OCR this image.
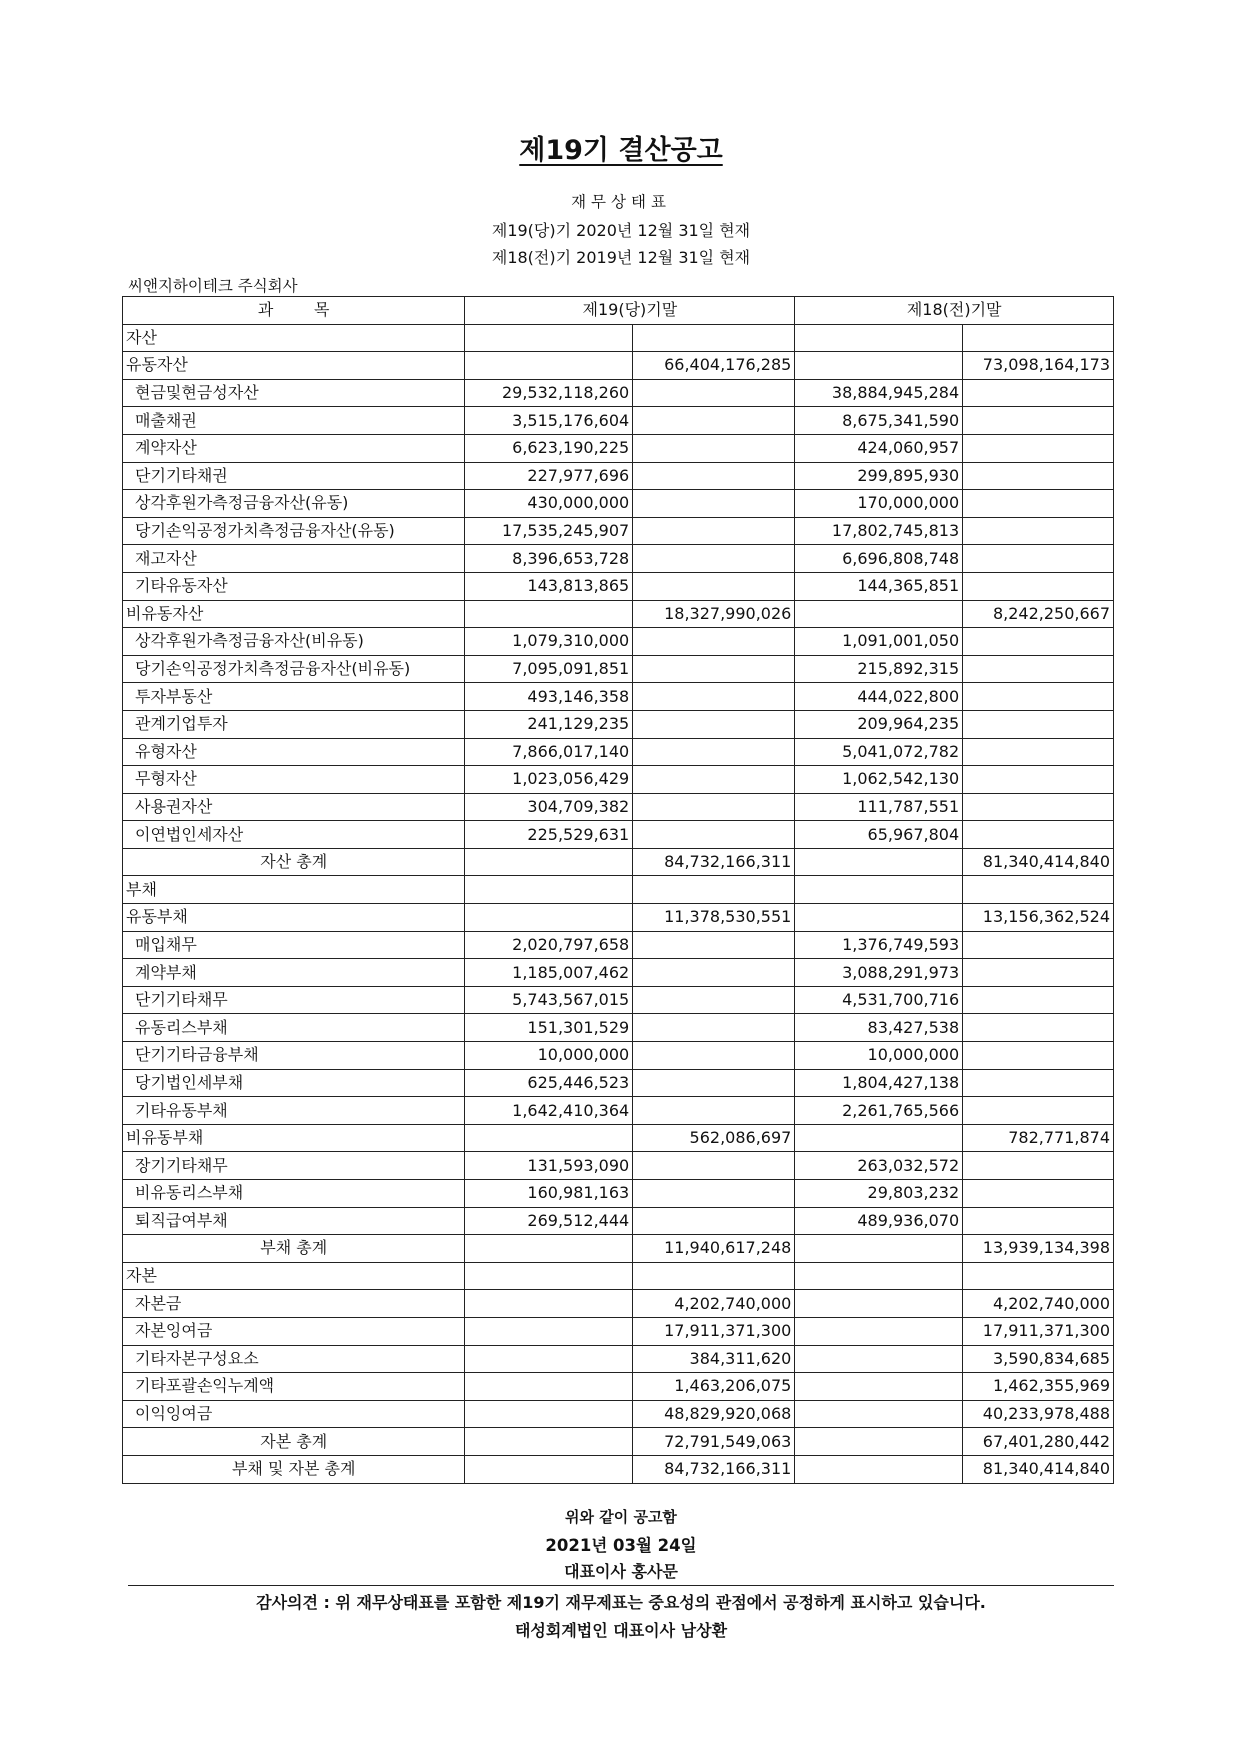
제19기 결산공고
재무상태표
제19(당)기 2020년 12월 31일 현재
제18(전)기 2019년 12월 31일 현재
씨앤지하이테크 주식회사
과        목	제19(당)기말		제18(전)기말	
자산				
유동자산		66,404,176,285		73,098,164,173
현금및현금성자산	29,532,118,260		38,884,945,284	
매출채권	3,515,176,604		8,675,341,590	
계약자산	6,623,190,225		424,060,957	
단기기타채권	227,977,696		299,895,930	
상각후원가측정금융자산(유동)	430,000,000		170,000,000	
당기손익공정가치측정금융자산(유동)	17,535,245,907		17,802,745,813	
재고자산	8,396,653,728		6,696,808,748	
기타유동자산	143,813,865		144,365,851	
비유동자산		18,327,990,026		8,242,250,667
상각후원가측정금융자산(비유동)	1,079,310,000		1,091,001,050	
당기손익공정가치측정금융자산(비유동)	7,095,091,851		215,892,315	
투자부동산	493,146,358		444,022,800	
관계기업투자	241,129,235		209,964,235	
유형자산	7,866,017,140		5,041,072,782	
무형자산	1,023,056,429		1,062,542,130	
사용권자산	304,709,382		111,787,551	
이연법인세자산	225,529,631		65,967,804	
자산 총계		84,732,166,311		81,340,414,840
부채				
유동부채		11,378,530,551		13,156,362,524
매입채무	2,020,797,658		1,376,749,593	
계약부채	1,185,007,462		3,088,291,973	
단기기타채무	5,743,567,015		4,531,700,716	
유동리스부채	151,301,529		83,427,538	
단기기타금융부채	10,000,000		10,000,000	
당기법인세부채	625,446,523		1,804,427,138	
기타유동부채	1,642,410,364		2,261,765,566	
비유동부채		562,086,697		782,771,874
장기기타채무	131,593,090		263,032,572	
비유동리스부채	160,981,163		29,803,232	
퇴직급여부채	269,512,444		489,936,070	
부채 총계		11,940,617,248		13,939,134,398
자본				
자본금		4,202,740,000		4,202,740,000
자본잉여금		17,911,371,300		17,911,371,300
기타자본구성요소		384,311,620		3,590,834,685
기타포괄손익누계액		1,463,206,075		1,462,355,969
이익잉여금		48,829,920,068		40,233,978,488
자본 총계		72,791,549,063		67,401,280,442
부채 및 자본 총계		84,732,166,311		81,340,414,840
위와 같이 공고함
2021년 03월 24일
대표이사 홍사문
감사의견 : 위 재무상태표를 포함한 제19기 재무제표는 중요성의 관점에서 공정하게 표시하고 있습니다.
태성회계법인 대표이사 남상환
